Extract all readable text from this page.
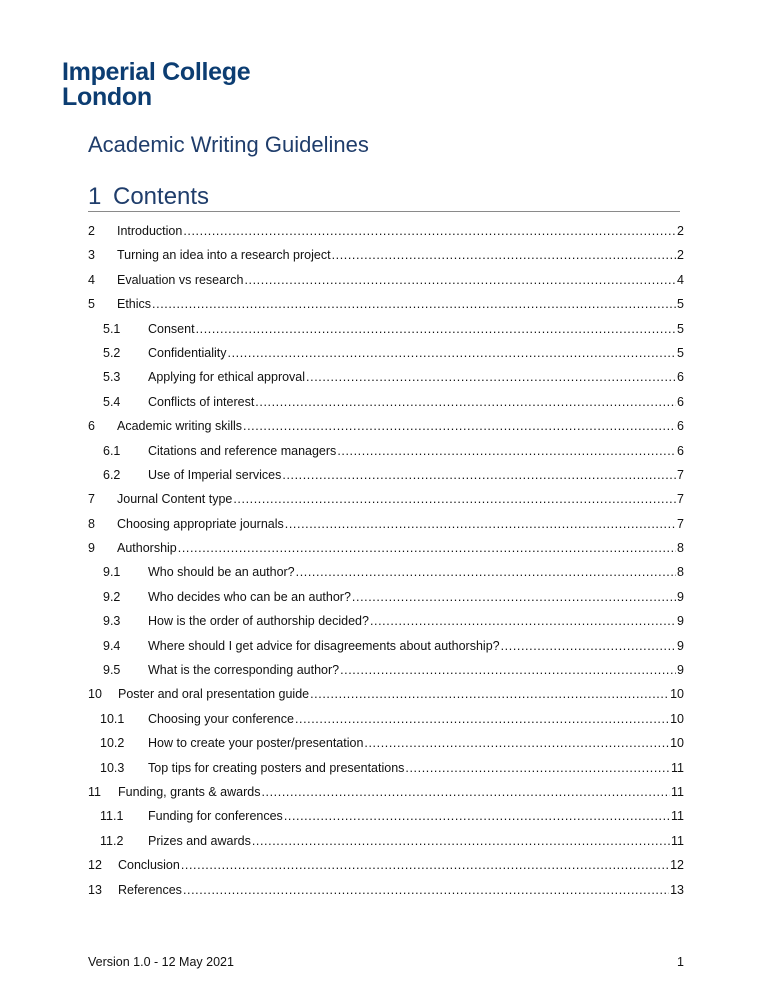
Imperial College
London
Academic Writing Guidelines
1 Contents
2 Introduction .....	2
3 Turning an idea into a research project .....	2
4 Evaluation vs research .....	4
5 Ethics .....	5
5.1 Consent .....	5
5.2 Confidentiality .....	5
5.3 Applying for ethical approval .....	6
5.4 Conflicts of interest .....	6
6 Academic writing skills .....	6
6.1 Citations and reference managers .....	6
6.2 Use of Imperial services .....	7
7 Journal Content type .....	7
8 Choosing appropriate journals .....	7
9 Authorship .....	8
9.1 Who should be an author? .....	8
9.2 Who decides who can be an author? .....	9
9.3 How is the order of authorship decided? .....	9
9.4 Where should I get advice for disagreements about authorship? .....	9
9.5 What is the corresponding author? .....	9
10 Poster and oral presentation guide .....	10
10.1 Choosing your conference .....	10
10.2 How to create your poster/presentation .....	10
10.3 Top tips for creating posters and presentations .....	11
11 Funding, grants & awards .....	11
11.1 Funding for conferences .....	11
11.2 Prizes and awards .....	11
12 Conclusion .....	12
13 References .....	13
Version 1.0 - 12 May 2021	1
